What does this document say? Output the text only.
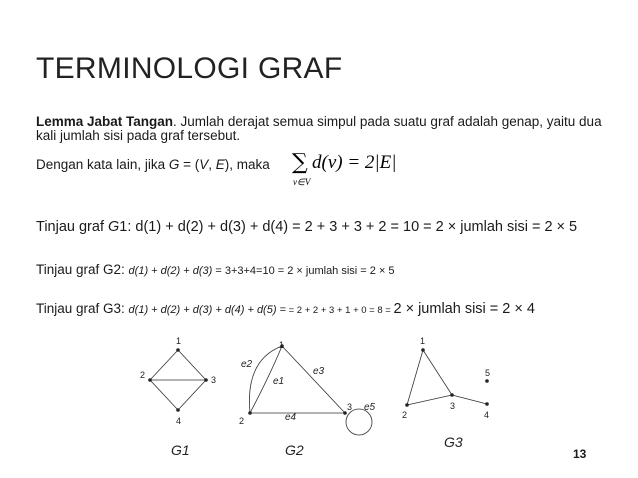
TERMINOLOGI GRAF
Lemma Jabat Tangan. Jumlah derajat semua simpul pada suatu graf adalah genap, yaitu dua kali jumlah sisi pada graf tersebut.
Dengan kata lain, jika G = (V, E), maka ∑
v∈V
d(v) = 2|E|
Tinjau graf G1: d(1) + d(2) + d(3) + d(4) = 2 + 3 + 3 + 2 = 10 = 2 × jumlah sisi = 2 × 5
Tinjau graf G2: d(1) + d(2) + d(3) = 3+3+4=10 = 2 × jumlah sisi = 2 × 5
Tinjau graf G3: d(1) + d(2) + d(3) + d(4) + d(5) = = 2 + 2 + 3 + 1 + 0 = 8 = 2 × jumlah sisi = 2 × 4
1
2	3
4
G1
1
2
3
e1
e2
e3
e4
e5
G2
1
2
3
4
5
G3
13
